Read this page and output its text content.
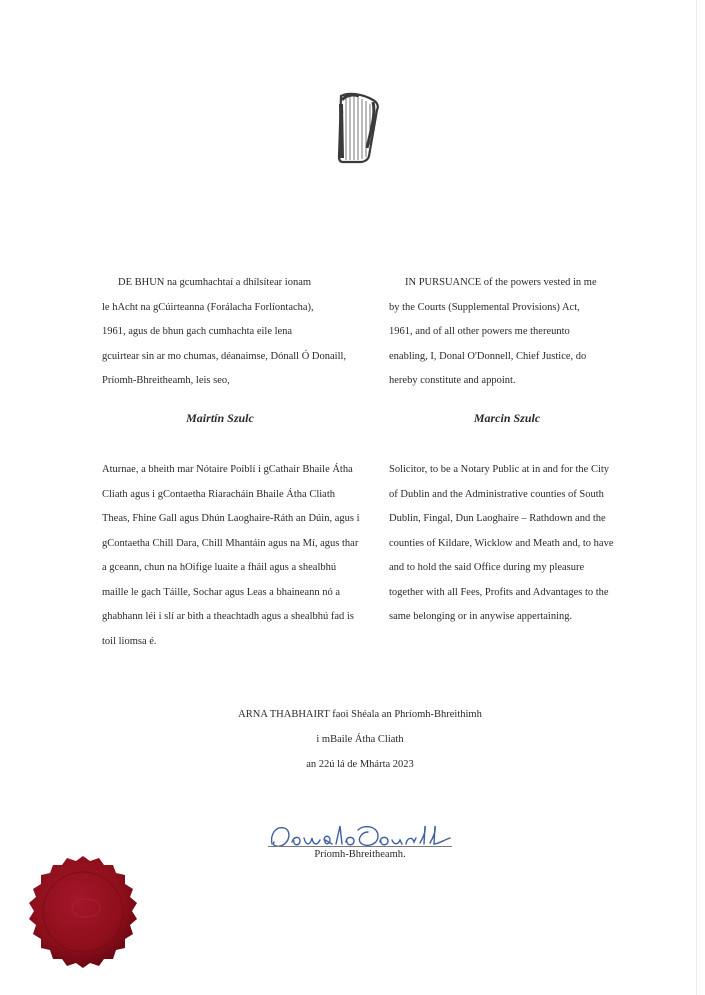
DE BHUN na gcumhachtaí a dhílsítear ionam

le hAcht na gCúirteanna (Forálacha Forlíontacha),

1961, agus de bhun gach cumhachta eile lena

gcuirtear sin ar mo chumas, déanaimse, Dónall Ó Donaill,

Príomh-Bhreitheamh, leis seo,

IN PURSUANCE of the powers vested in me

by the Courts (Supplemental Provisions) Act,

1961, and of all other powers me thereunto

enabling, I, Donal O'Donnell, Chief Justice, do

hereby constitute and appoint.

Mairtín Szulc	Marcin Szulc

Aturnae, a bheith mar Nótaire Poiblí i gCathair Bhaile Átha

Cliath agus i gContaetha Riaracháin Bhaile Átha Cliath

Theas, Fhine Gall agus Dhún Laoghaire-Ráth an Dúin, agus i

gContaetha Chill Dara, Chill Mhantáin agus na Mí, agus thar

a gceann, chun na hOifige luaite a fháil agus a shealbhú

maille le gach Táille, Sochar agus Leas a bhaineann nó a

ghabhann léi i slí ar bith a theachtadh agus a shealbhú fad is

toil liomsa é.

Solicitor, to be a Notary Public at in and for the City

of Dublin and the Administrative counties of South

Dublin, Fingal, Dun Laoghaire – Rathdown and the

counties of Kildare, Wicklow and Meath and, to have

and to hold the said Office during my pleasure

together with all Fees, Profits and Advantages to the

same belonging or in anywise appertaining.

ARNA THABHAIRT faoi Shéala an Phríomh-Bhreithimh
i mBaile Átha Cliath
an 22ú lá de Mhárta 2023
Príomh-Bhreitheamh.
